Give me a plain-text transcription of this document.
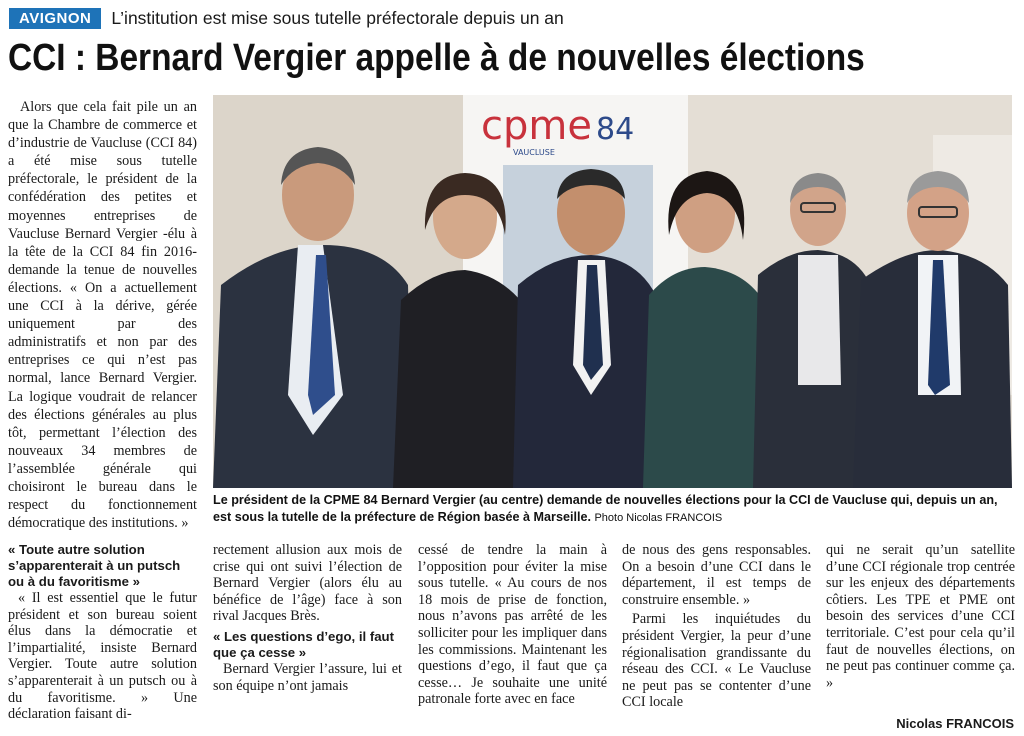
AVIGNON	L’institution est mise sous tutelle préfectorale depuis un an
CCI : Bernard Vergier appelle à de nouvelles élections
Alors que cela fait pile un an que la Chambre de commerce et d’industrie de Vaucluse (CCI 84) a été mise sous tutelle préfectorale, le président de la confédération des petites et moyennes entreprises de Vaucluse Bernard Vergier -élu à la tête de la CCI 84 fin 2016- demande la tenue de nouvelles élections. « On a actuellement une CCI à la dérive, gérée uniquement par des administratifs et non par des entreprises ce qui n’est pas normal, lance Bernard Vergier. La logique voudrait de relancer des élections générales au plus tôt, permettant l’élection des nouveaux 34 membres de l’assemblée générale qui choisiront le bureau dans le respect du fonctionnement démocratique des institutions. »
cpme 84
VAUCLUSE
Le président de la CPME 84 Bernard Vergier (au centre) demande de nouvelles élections pour la CCI de Vaucluse qui, depuis un an, est sous la tutelle de la préfecture de Région basée à Marseille. Photo Nicolas FRANCOIS
« Toute autre solution s’apparenterait à un putsch ou à du favoritisme »

« Il est essentiel que le futur président et son bureau soient élus dans la démocratie et l’impartialité, insiste Bernard Vergier. Toute autre solution s’apparenterait à un putsch ou à du favoritisme. » Une déclaration faisant di-

rectement allusion aux mois de crise qui ont suivi l’élection de Bernard Vergier (alors élu au bénéfice de l’âge) face à son rival Jacques Brès.

« Les questions d’ego, il faut que ça cesse »

Bernard Vergier l’assure, lui et son équipe n’ont jamais

cessé de tendre la main à l’opposition pour éviter la mise sous tutelle. « Au cours de nos 18 mois de prise de fonction, nous n’avons pas arrêté de les solliciter pour les impliquer dans les commissions. Maintenant les questions d’ego, il faut que ça cesse… Je souhaite une unité patronale forte avec en face

de nous des gens responsables. On a besoin d’une CCI dans le département, il est temps de construire ensemble. »

Parmi les inquiétudes du président Vergier, la peur d’une régionalisation grandissante du réseau des CCI. « Le Vaucluse ne peut pas se contenter d’une CCI locale

qui ne serait qu’un satellite d’une CCI régionale trop centrée sur les enjeux des départements côtiers. Les TPE et PME ont besoin des services d’une CCI territoriale. C’est pour cela qu’il faut de nouvelles élections, on ne peut pas continuer comme ça. »

Nicolas FRANCOIS
